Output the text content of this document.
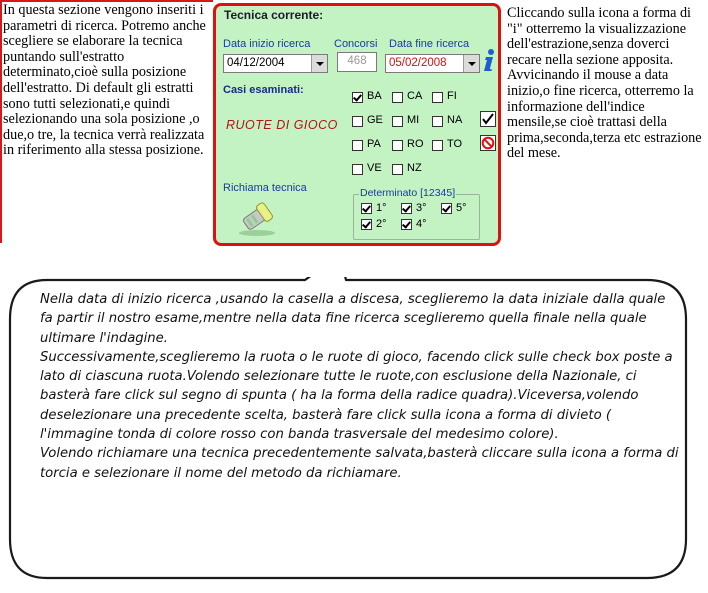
In questa sezione vengono inseriti i parametri di ricerca. Potremo anche scegliere se elaborare la tecnica puntando sull'estratto determinato,cioè sulla posizione dell'estratto. Di default gli estratti sono tutti selezionati,e quindi selezionando una sola posizione ,o due,o tre, la tecnica verrà realizzata in riferimento alla stessa posizione.
Cliccando sulla icona a forma di "i" otterremo la visualizzazione dell'estrazione,senza doverci recare nella sezione apposita. Avvicinando il mouse a data inizio,o fine ricerca, otterremo la informazione dell'indice mensile,se cioè trattasi della prima,seconda,terza etc estrazione del mese.
Tecnica corrente:
Data inizio ricerca
04/12/2004
Concorsi
468
Data fine ricerca
05/02/2008
Casi esaminati:
RUOTE DI GIOCO
BA CA FI
GE MI	NA
PA RO TO
VE NZ
Richiama tecnica	Determinato [12345]
1°	3°	5°
2°	4°

Nella data di inizio ricerca ,usando la casella a discesa, sceglieremo la data iniziale dalla quale fa partir il nostro esame,mentre nella data fine ricerca sceglieremo quella finale nella quale ultimare l'indagine.

Successivamente,sceglieremo la ruota o le ruote di gioco, facendo click sulle check box poste a lato di ciascuna ruota.Volendo selezionare tutte le ruote,con esclusione della Nazionale, ci basterà fare click sul segno di spunta ( ha la forma della radice quadra).Viceversa,volendo deselezionare una precedente scelta, basterà fare click sulla icona a forma di divieto ( l'immagine tonda di colore rosso con banda trasversale del medesimo colore).

Volendo richiamare una tecnica precedentemente salvata,basterà cliccare sulla icona a forma di torcia e selezionare il nome del metodo da richiamare.
